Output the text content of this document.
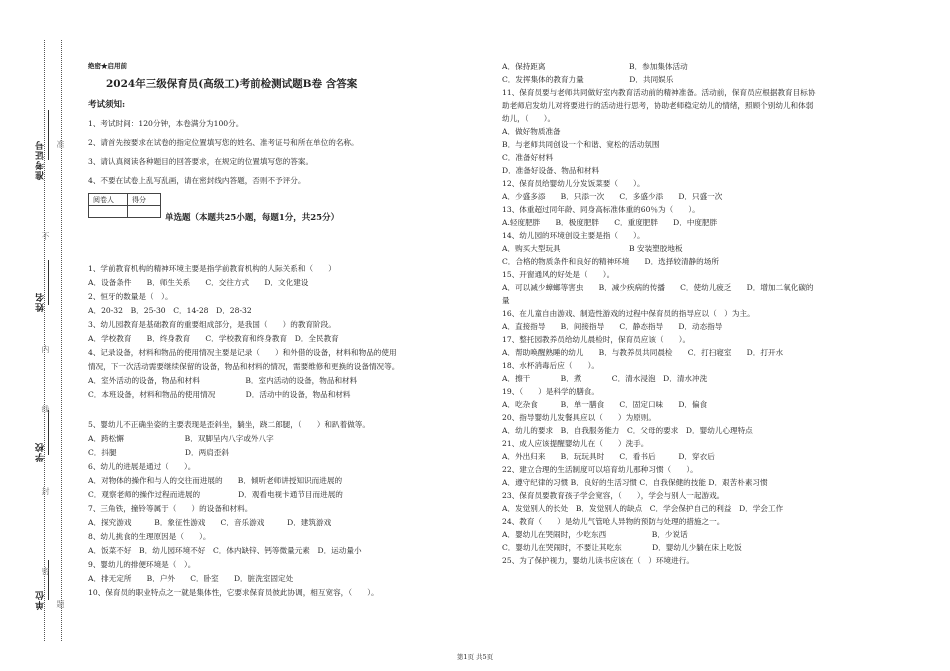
准考证号
姓名
学校
单位
不
内
线
封
密
题
准
绝密★启用前
2024年三级保育员(高级工)考前检测试题B卷 含答案
考试须知:
1、考试时间：120分钟，本卷满分为100分。
2、请首先按要求在试卷的指定位置填写您的姓名、准考证号和所在单位的名称。
3、请认真阅读各种题目的回答要求，在规定的位置填写您的答案。
4、不要在试卷上乱写乱画，请在密封线内答题，否则不予评分。
阅卷人	得分

单选题（本题共25小题，每题1分，共25分）
1、学前教育机构的精神环境主要是指学前教育机构的人际关系和（　　）
A．设备条件　　B．师生关系　　C．交往方式　　D．文化建设
2、恒牙的数量是（　）。
A．20-32　B．25-30　C．14-28　D．28-32
3、幼儿园教育是基础教育的重要组成部分，是我国（　　）的教育阶段。
A．学校教育　　B．终身教育　　C．学校教育和终身教育　D．全民教育
4、记录设备，材料和物品的使用情况主要是记录（　　）和外借的设备，材料和物品的使用
情况，下一次活动需要继续保留的设备，物品和材料的情况，需要维修和更换的设备情况等。
A．室外活动的设备，物品和材料　　　　　　B．室内活动的设备，物品和材料
C．本班设备，材料和物品的使用情况　　　　D．活动中的设备，物品和材料
5、婴幼儿不正确坐姿的主要表现是歪斜坐，躺坐，跷二郎腿，（　　）和趴着做等。
A．跨松懈　　　　　　　　B．双脚呈内八字或外八字
C．抖腿　　　　　　　　　D．两肩歪斜
6、幼儿的进展是通过（　　）。
A．对物体的操作和与人的交往而进展的　　B．倾听老师讲授知识而进展的
C．观察老师的操作过程而进展的　　　　　D．观看电视卡通节目而进展的
7、三角铁，撞铃等属于（　　）的设备和材料。
A．探究游戏　　　B．象征性游戏　　C．音乐游戏　　　D．建筑游戏
8、幼儿挑食的生理原因是（　　）。
A．饭菜不好　B．幼儿园环境不好　C．体内缺锌、钙等微量元素　D．运动量小
9、婴幼儿的排便环境是（　）。
A．排无定所　　B．户外　　C．卧室　　D．脏洗室固定处
10、保育员的职业特点之一就是集体性，它要求保育员彼此协调，相互宽容，（　　）。
A．保持距离　　　　　　　　　　　B．参加集体活动
C．发挥集体的教育力量　　　　　　D．共同娱乐
11、保育员要与老师共同做好室内教育活动前的精神准备。活动前，保育员应根据教育目标协
助老师启发幼儿对将要进行的活动进行思考，协助老师稳定幼儿的情绪，照顾个别幼儿和体弱
幼儿，（　　）。
A．做好物质准备
B．与老师共同创设一个和谐、宽松的活动氛围
C．准备好材料
D．准备好设备、物品和材料
12、保育员给婴幼儿分发饭菜要（　　）。
A．少盛多添　　B．只添一次　　C．多盛少添　　D．只盛一次
13、体重超过同年龄、同身高标准体重的60％为（　　）。
A.轻度肥胖　　B．极度肥胖　　C．重度肥胖　　D．中度肥胖
14、幼儿园的环境创设主要是指（　　）。
A．购买大型玩具　　　　　　　　　B 安装塑胶地板
C．合格的物质条件和良好的精神环境　　D．选择较清静的场所
15、开窗通风的好处是（　　）。
A．可以减少蟑螂等害虫　　B．减少疾病的传播　　C．使幼儿疲乏　　D．增加二氧化碳的
量
16、在儿童自由游戏、制造性游戏的过程中保育员的指导应以（　）为主。
A．直接指导　　B．间接指导　　C．静态指导　　D．动态指导
17、整托园教养员给幼儿晨检时，保育员应该（　　）。
A．帮助唤醒熟睡的幼儿　　B．与教养员共同晨检　　C．打扫寝室　　D．打开水
18、水杯消毒后应（　　）。
A．擦干　　　　B．煮　　　　C．清水浸泡　D．清水冲洗
19、（　　）是科学的膳食。
A．吃杂食　　　B．单一膳食　　C．固定口味　　D．偏食
20、指导婴幼儿发餐具应以（　　）为原则。
A．幼儿的要求　B．自我服务能力　C．父母的要求　D．婴幼儿心理特点
21、成人应该提醒婴幼儿在（　　）洗手。
A．外出归来　　B．玩玩具时　　C．看书后　　　D．穿衣后
22、建立合理的生活制度可以培育幼儿那种习惯（　　）。
A．遵守纪律的习惯 B．良好的生活习惯 C．自我保健的技能 D．艰苦朴素习惯
23、保育员要教育孩子学会宽容，（　　），学会与别人一起游戏。
A．发觉别人的长处　B．发觉别人的缺点　C．学会保护自己的利益　D．学会工作
24、教育（　　）是幼儿气管呛人异物的预防与处理的措施之一。
A．婴幼儿在哭闹时，少吃东西　　　　　　B．少说话
C．婴幼儿在哭闹时，不要让其吃东　　　　D．婴幼儿少躺在床上吃饭
25、为了保护视力，婴幼儿读书应该在（　）环境进行。
第1页 共5页
